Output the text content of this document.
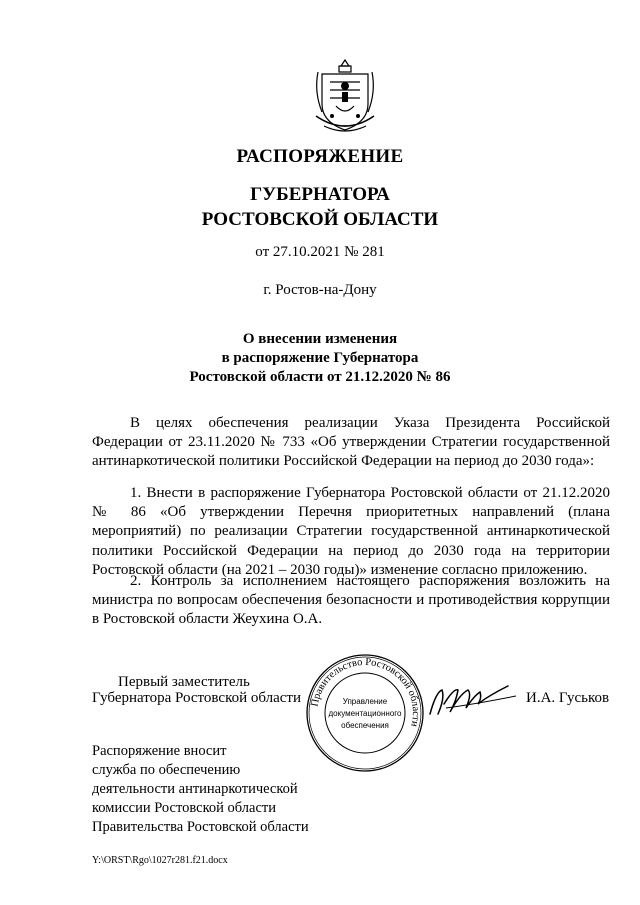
РАСПОРЯЖЕНИЕ
ГУБЕРНАТОРА
РОСТОВСКОЙ ОБЛАСТИ
от 27.10.2021 № 281
г. Ростов-на-Дону
О внесении изменения
в распоряжение Губернатора
Ростовской области от 21.12.2020 № 86
В целях обеспечения реализации Указа Президента Российской Федерации от 23.11.2020 № 733 «Об утверждении Стратегии государственной антинаркотической политики Российской Федерации на период до 2030 года»:
1. Внести в распоряжение Губернатора Ростовской области от 21.12.2020 № 86 «Об утверждении Перечня приоритетных направлений (плана мероприятий) по реализации Стратегии государственной антинаркотической политики Российской Федерации на период до 2030 года на территории Ростовской области (на 2021 – 2030 годы)» изменение согласно приложению.
2. Контроль за исполнением настоящего распоряжения возложить на министра по вопросам обеспечения безопасности и противодействия коррупции в Ростовской области Жеухина О.А.
Первый заместитель
Губернатора Ростовской области Правительство Ростовской области
Управление
документационного
обеспечения
И.А. Гуськов
Распоряжение вносит
служба по обеспечению
деятельности антинаркотической
комиссии Ростовской области
Правительства Ростовской области
Y:\ORST\Rgo\1027r281.f21.docx
